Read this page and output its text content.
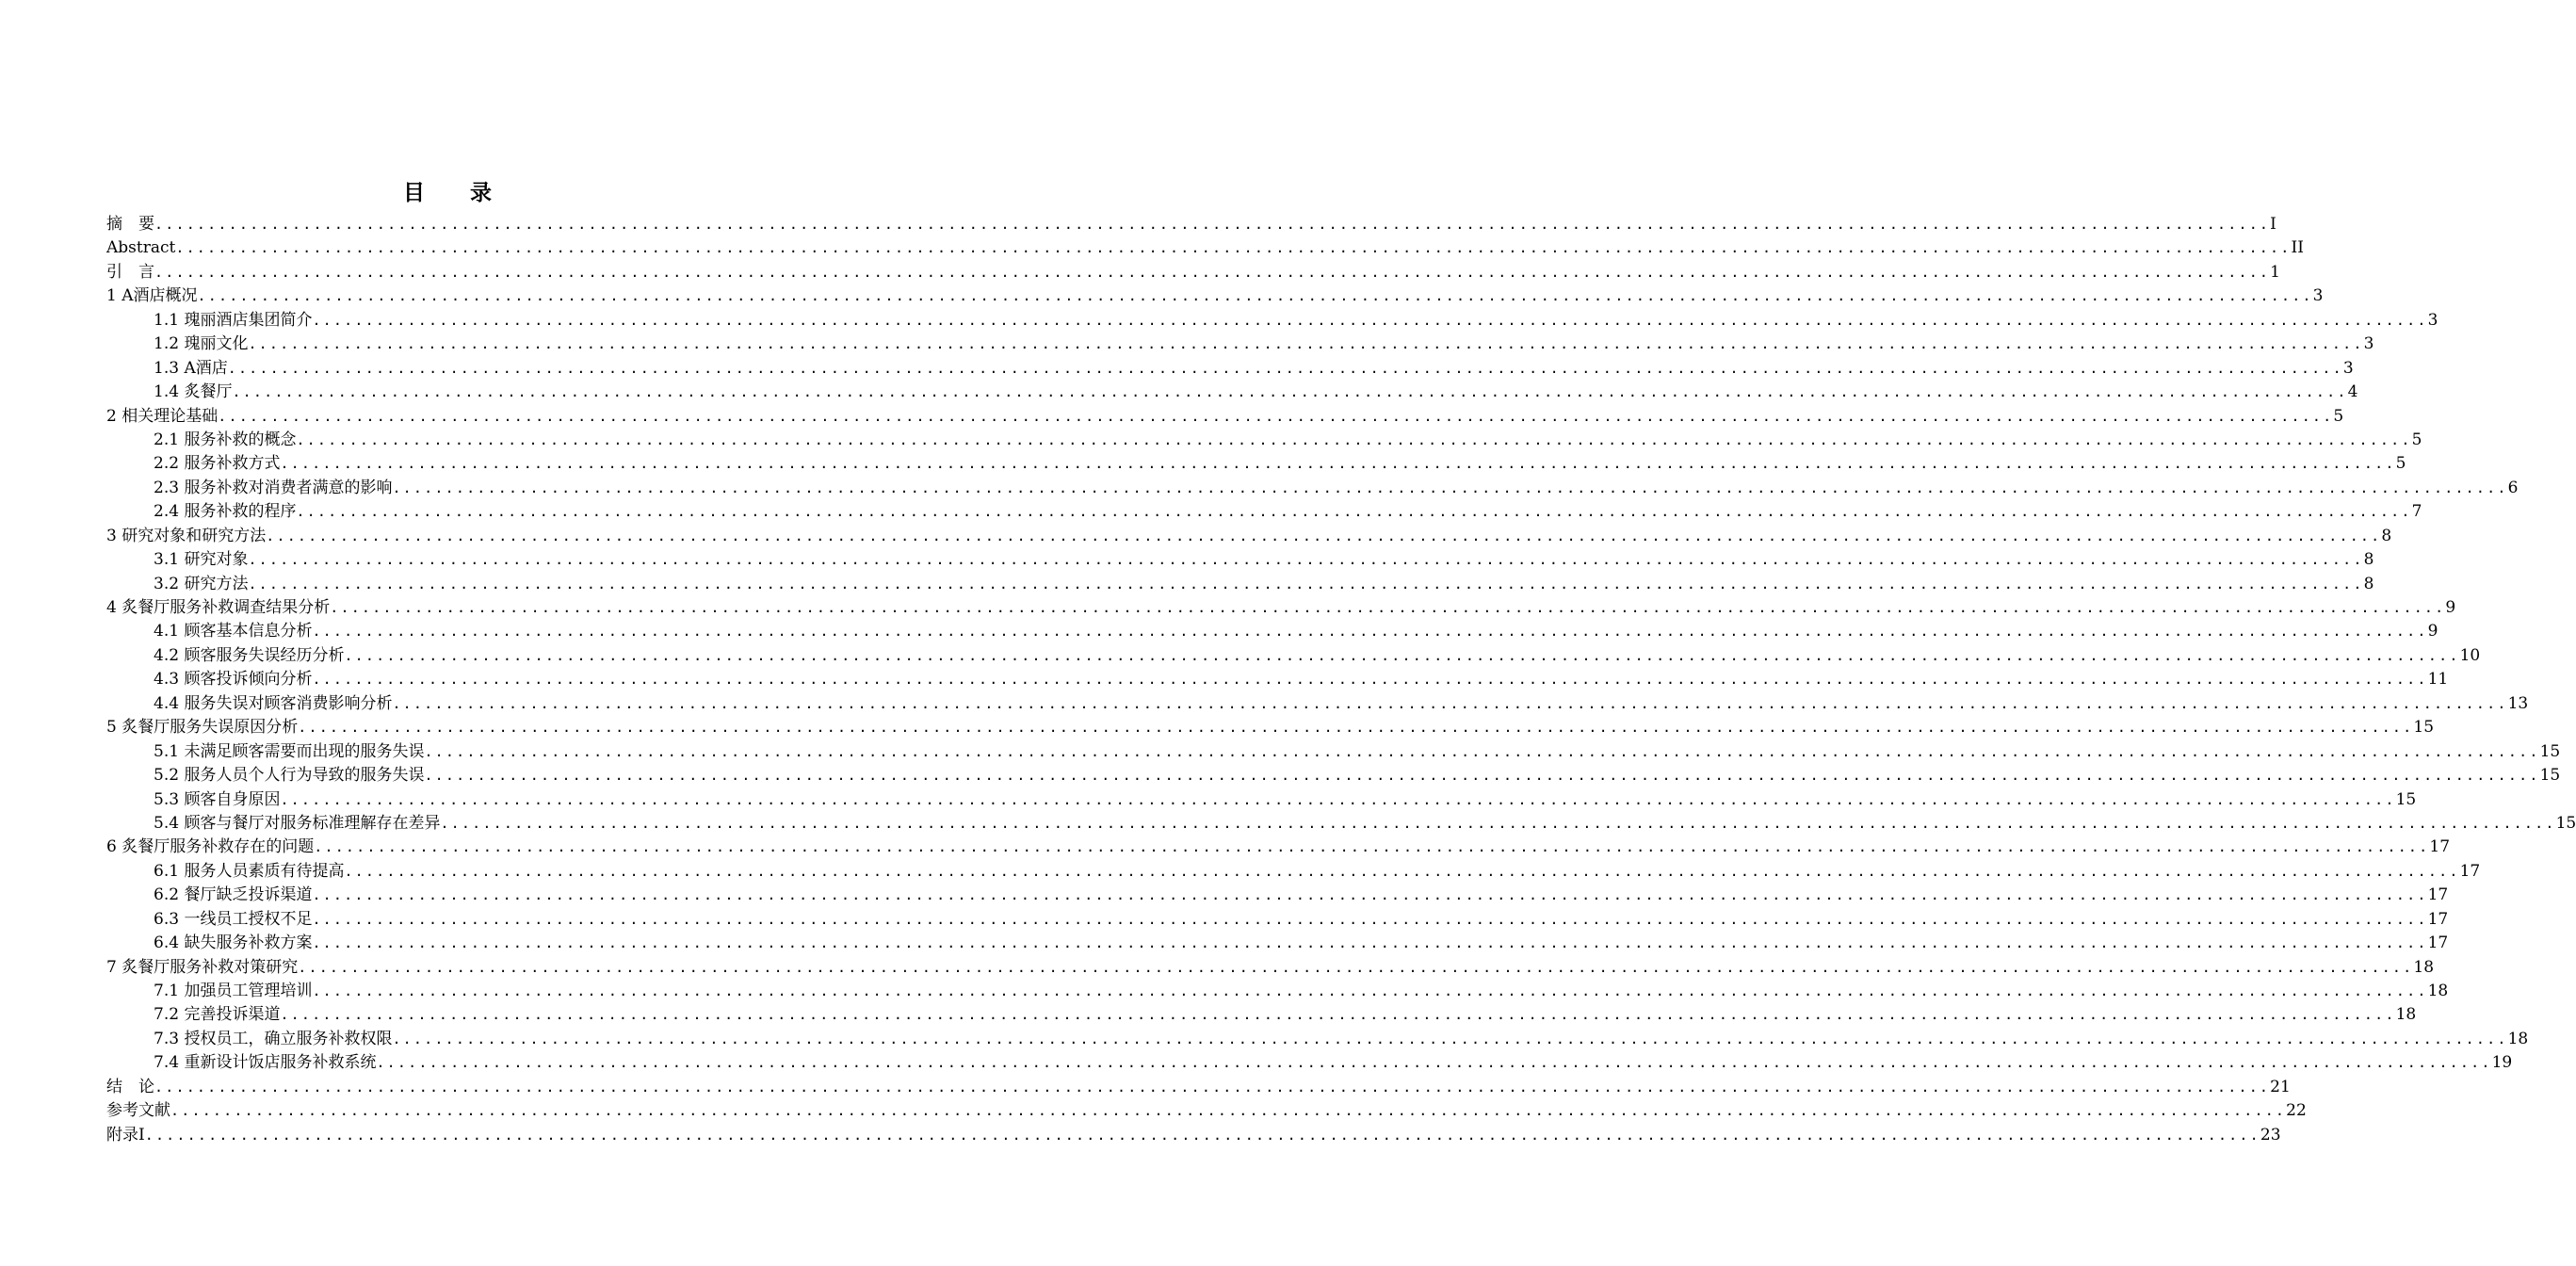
目 录
摘　要 ........................................................................................................................................................................................................ I
Abstract ........................................................................................................................................................................................................ II
引　言 ........................................................................................................................................................................................................ 1
1 A酒店概况 ........................................................................................................................................................................................................ 3
1.1 瑰丽酒店集团简介 ........................................................................................................................................................................................................ 3
1.2 瑰丽文化 ........................................................................................................................................................................................................ 3
1.3 A酒店 ........................................................................................................................................................................................................ 3
1.4 炙餐厅 ........................................................................................................................................................................................................ 4
2 相关理论基础 ........................................................................................................................................................................................................ 5
2.1 服务补救的概念 ........................................................................................................................................................................................................ 5
2.2 服务补救方式 ........................................................................................................................................................................................................ 5
2.3 服务补救对消费者满意的影响 ........................................................................................................................................................................................................ 6
2.4 服务补救的程序 ........................................................................................................................................................................................................ 7
3 研究对象和研究方法 ........................................................................................................................................................................................................ 8
3.1 研究对象 ........................................................................................................................................................................................................ 8
3.2 研究方法 ........................................................................................................................................................................................................ 8
4 炙餐厅服务补救调查结果分析 ........................................................................................................................................................................................................ 9
4.1 顾客基本信息分析 ........................................................................................................................................................................................................ 9
4.2 顾客服务失误经历分析 ........................................................................................................................................................................................................ 10
4.3 顾客投诉倾向分析 ........................................................................................................................................................................................................ 11
4.4 服务失误对顾客消费影响分析 ........................................................................................................................................................................................................ 13
5 炙餐厅服务失误原因分析 ........................................................................................................................................................................................................ 15
5.1 未满足顾客需要而出现的服务失误 ........................................................................................................................................................................................................ 15
5.2 服务人员个人行为导致的服务失误 ........................................................................................................................................................................................................ 15
5.3 顾客自身原因 ........................................................................................................................................................................................................ 15
5.4 顾客与餐厅对服务标准理解存在差异 ........................................................................................................................................................................................................ 15
6 炙餐厅服务补救存在的问题 ........................................................................................................................................................................................................ 17
6.1 服务人员素质有待提高 ........................................................................................................................................................................................................ 17
6.2 餐厅缺乏投诉渠道 ........................................................................................................................................................................................................ 17
6.3 一线员工授权不足 ........................................................................................................................................................................................................ 17
6.4 缺失服务补救方案 ........................................................................................................................................................................................................ 17
7 炙餐厅服务补救对策研究 ........................................................................................................................................................................................................ 18
7.1 加强员工管理培训 ........................................................................................................................................................................................................ 18
7.2 完善投诉渠道 ........................................................................................................................................................................................................ 18
7.3 授权员工，确立服务补救权限 ........................................................................................................................................................................................................ 18
7.4 重新设计饭店服务补救系统 ........................................................................................................................................................................................................ 19
结　论 ........................................................................................................................................................................................................ 21
参考文献 ........................................................................................................................................................................................................ 22
附录I ........................................................................................................................................................................................................ 23
